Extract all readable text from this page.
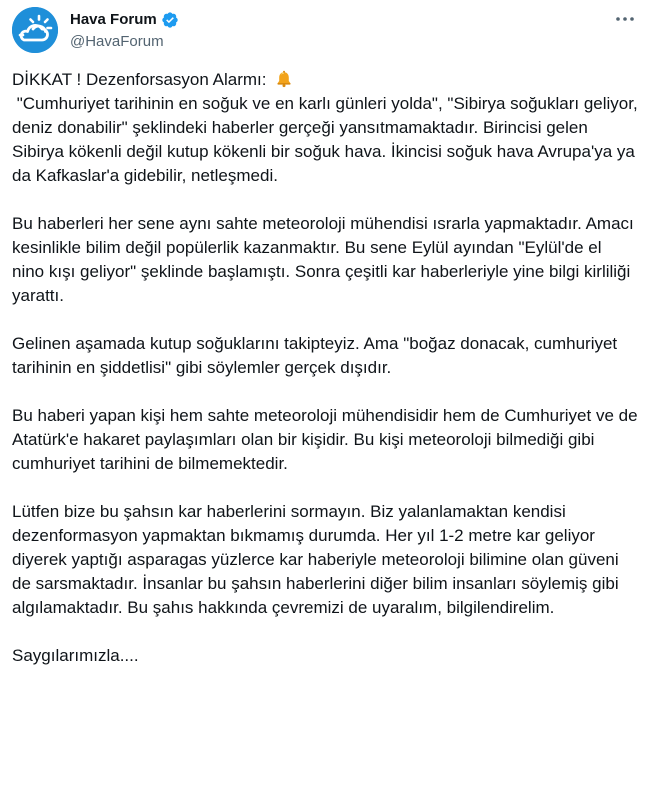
Hava Forum
@HavaForum

DİKKAT ! Dezenforsasyon Alarmı:

"Cumhuriyet tarihinin en soğuk ve en karlı günleri yolda", "Sibirya soğukları geliyor, deniz donabilir" şeklindeki haberler gerçeği yansıtmamaktadır. Birincisi gelen Sibirya kökenli değil kutup kökenli bir soğuk hava. İkincisi soğuk hava Avrupa'ya ya da Kafkaslar'a gidebilir, netleşmedi.

Bu haberleri her sene aynı sahte meteoroloji mühendisi ısrarla yapmaktadır. Amacı kesinlikle bilim değil popülerlik kazanmaktır. Bu sene Eylül ayından "Eylül'de el nino kışı geliyor" şeklinde başlamıştı. Sonra çeşitli kar haberleriyle yine bilgi kirliliği yarattı.

Gelinen aşamada kutup soğuklarını takipteyiz. Ama "boğaz donacak, cumhuriyet tarihinin en şiddetlisi" gibi söylemler gerçek dışıdır.

Bu haberi yapan kişi hem sahte meteoroloji mühendisidir hem de Cumhuriyet ve de Atatürk'e hakaret paylaşımları olan bir kişidir. Bu kişi meteoroloji bilmediği gibi cumhuriyet tarihini de bilmemektedir.

Lütfen bize bu şahsın kar haberlerini sormayın. Biz yalanlamaktan kendisi dezenformasyon yapmaktan bıkmamış durumda. Her yıl 1-2 metre kar geliyor diyerek yaptığı asparagas yüzlerce kar haberiyle meteoroloji bilimine olan güveni de sarsmaktadır. İnsanlar bu şahsın haberlerini diğer bilim insanları söylemiş gibi algılamaktadır. Bu şahıs hakkında çevremizi de uyaralım, bilgilendirelim.

Saygılarımızla....
